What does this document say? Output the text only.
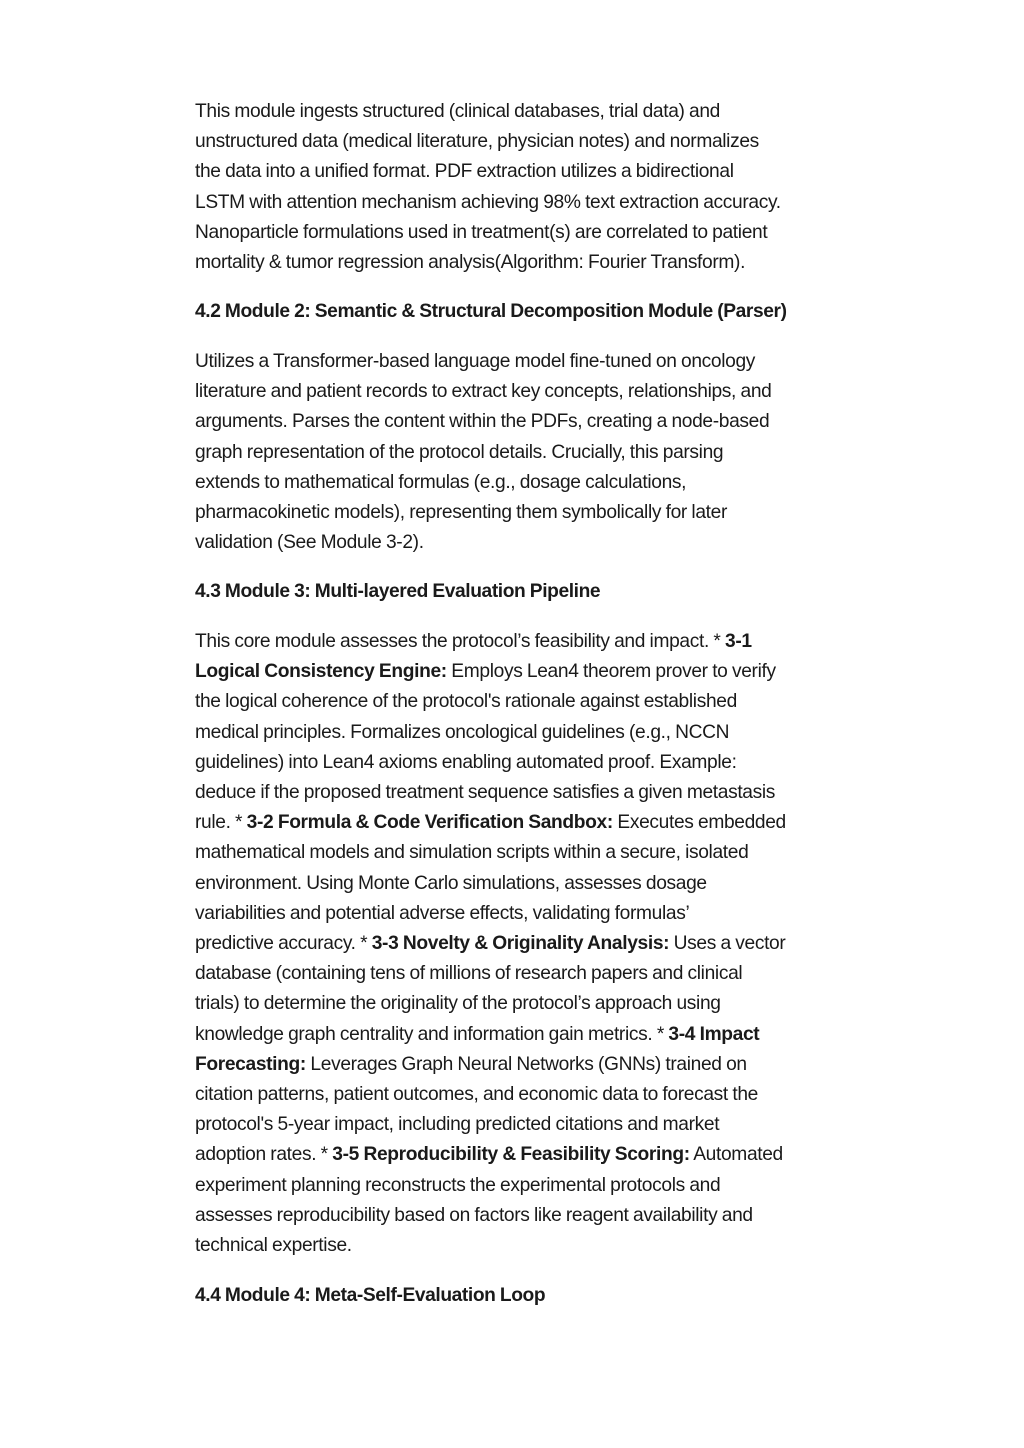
This module ingests structured (clinical databases, trial data) and
unstructured data (medical literature, physician notes) and normalizes
the data into a unified format. PDF extraction utilizes a bidirectional
LSTM with attention mechanism achieving 98% text extraction accuracy.
Nanoparticle formulations used in treatment(s) are correlated to patient
mortality & tumor regression analysis(Algorithm: Fourier Transform).

4.2 Module 2: Semantic & Structural Decomposition Module (Parser)

Utilizes a Transformer-based language model fine-tuned on oncology
literature and patient records to extract key concepts, relationships, and
arguments. Parses the content within the PDFs, creating a node-based
graph representation of the protocol details. Crucially, this parsing
extends to mathematical formulas (e.g., dosage calculations,
pharmacokinetic models), representing them symbolically for later
validation (See Module 3-2).

4.3 Module 3: Multi-layered Evaluation Pipeline

This core module assesses the protocol’s feasibility and impact. * 3-1
Logical Consistency Engine: Employs Lean4 theorem prover to verify
the logical coherence of the protocol's rationale against established
medical principles. Formalizes oncological guidelines (e.g., NCCN
guidelines) into Lean4 axioms enabling automated proof. Example:
deduce if the proposed treatment sequence satisfies a given metastasis
rule. * 3-2 Formula & Code Verification Sandbox: Executes embedded
mathematical models and simulation scripts within a secure, isolated
environment. Using Monte Carlo simulations, assesses dosage
variabilities and potential adverse effects, validating formulas’
predictive accuracy. * 3-3 Novelty & Originality Analysis: Uses a vector
database (containing tens of millions of research papers and clinical
trials) to determine the originality of the protocol’s approach using
knowledge graph centrality and information gain metrics. * 3-4 Impact
Forecasting: Leverages Graph Neural Networks (GNNs) trained on
citation patterns, patient outcomes, and economic data to forecast the
protocol's 5-year impact, including predicted citations and market
adoption rates. * 3-5 Reproducibility & Feasibility Scoring: Automated
experiment planning reconstructs the experimental protocols and
assesses reproducibility based on factors like reagent availability and
technical expertise.

4.4 Module 4: Meta-Self-Evaluation Loop
